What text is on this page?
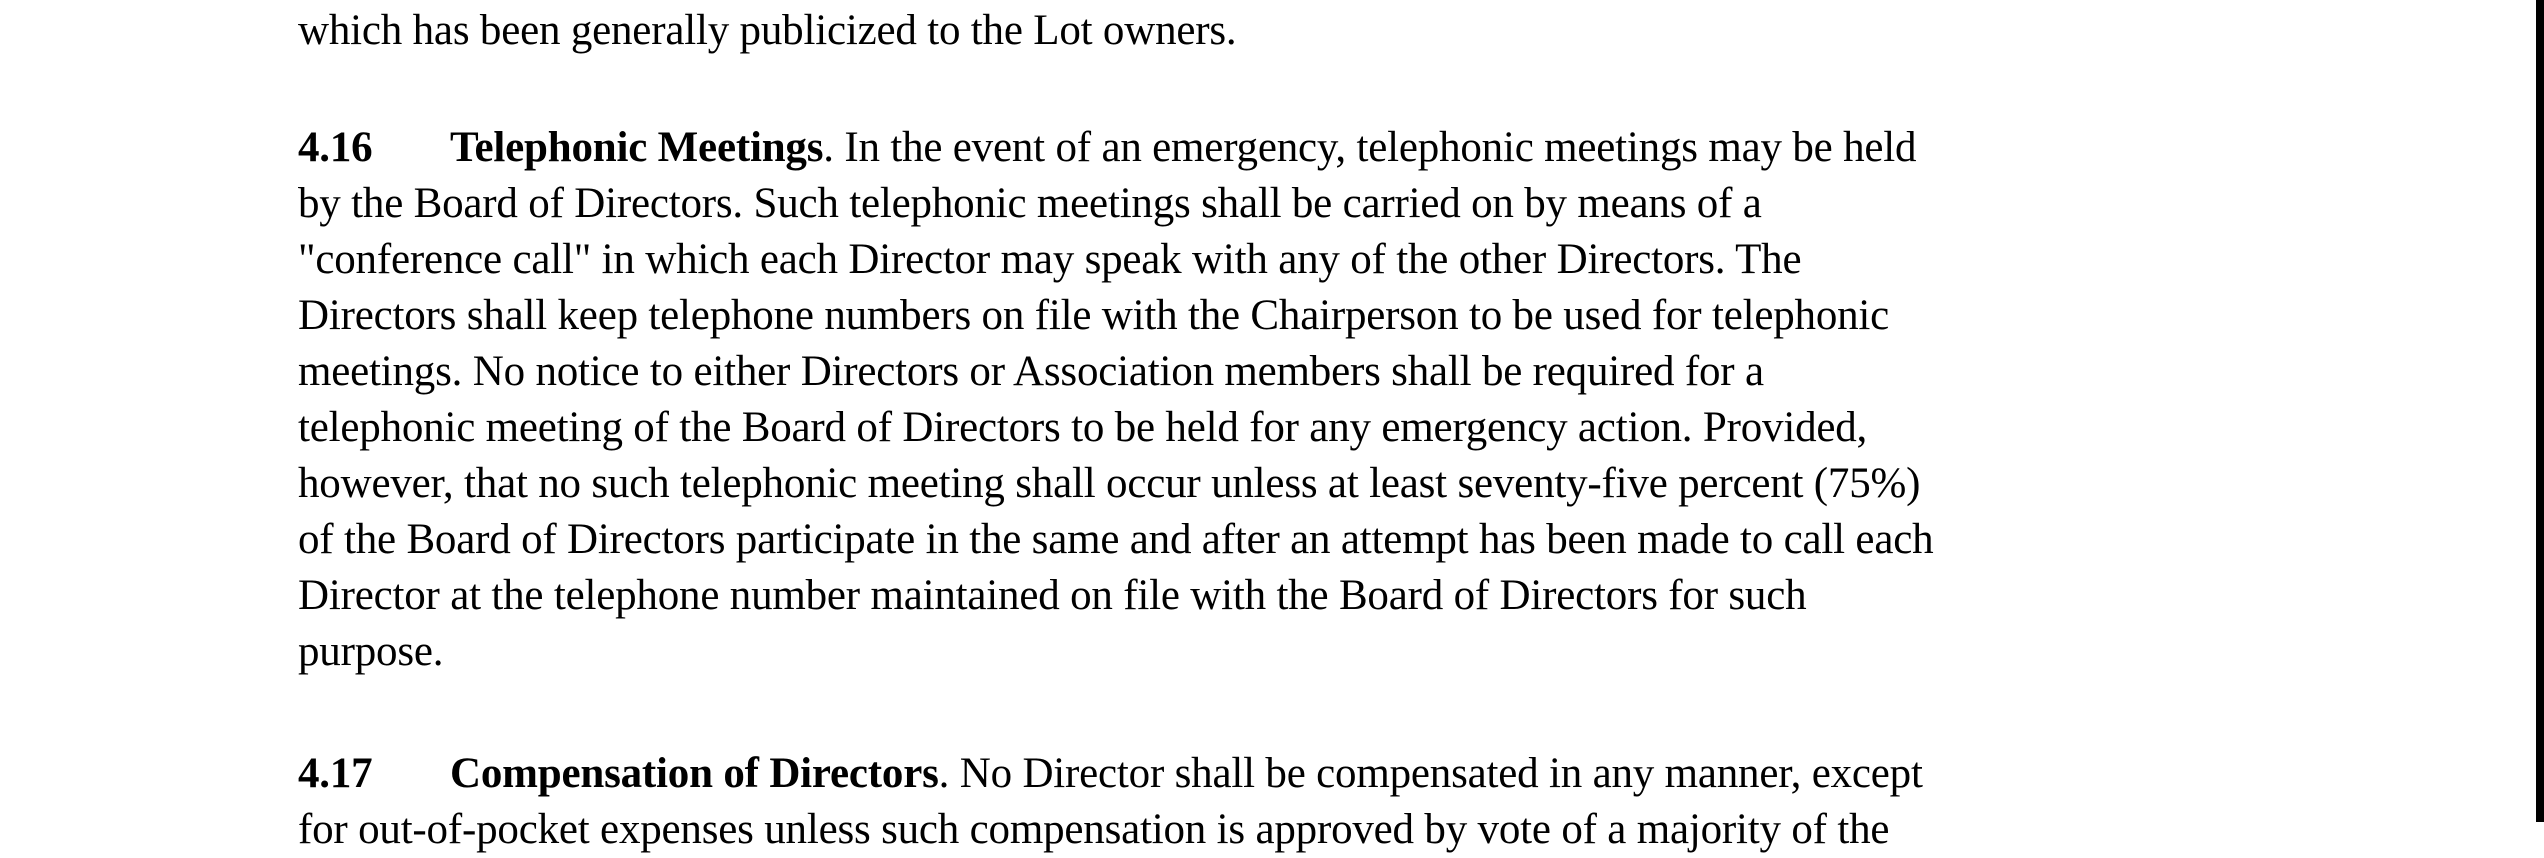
which has been generally publicized to the Lot owners.
4.16 Telephonic Meetings. In the event of an emergency, telephonic meetings may be held
by the Board of Directors. Such telephonic meetings shall be carried on by means of a
"conference call" in which each Director may speak with any of the other Directors. The
Directors shall keep telephone numbers on file with the Chairperson to be used for telephonic
meetings. No notice to either Directors or Association members shall be required for a
telephonic meeting of the Board of Directors to be held for any emergency action. Provided,
however, that no such telephonic meeting shall occur unless at least seventy-five percent (75%)
of the Board of Directors participate in the same and after an attempt has been made to call each
Director at the telephone number maintained on file with the Board of Directors for such
purpose.
4.17 Compensation of Directors. No Director shall be compensated in any manner, except
for out-of-pocket expenses unless such compensation is approved by vote of a majority of the
